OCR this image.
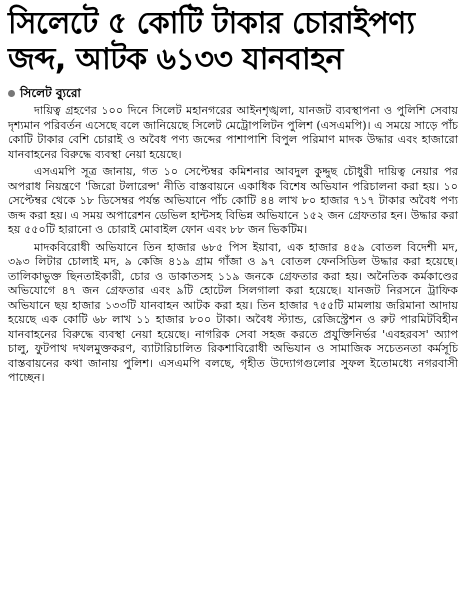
সিলেটে ৫ কোটি টাকার চোরাইপণ্য
জব্দ, আটক ৬১৩৩ যানবাহন
সিলেট ব্যুরো

দায়িত্ব গ্রহণের ১০০ দিনে সিলেট মহানগরের আইনশৃঙ্খলা, যানজট ব্যবস্থাপনা ও পুলিশি সেবায় দৃশ্যমান পরিবর্তন এসেছে বলে জানিয়েছে সিলেট মেট্রোপলিটন পুলিশ (এসএমপি)। এ সময়ে সাড়ে পাঁচ কোটি টাকার বেশি চোরাই ও অবৈধ পণ্য জব্দের পাশাপাশি বিপুল পরিমাণ মাদক উদ্ধার এবং হাজারো যানবাহনের বিরুদ্ধে ব্যবস্থা নেয়া হয়েছে।

এসএমপি সূত্র জানায়, গত ১০ সেপ্টেম্বর কমিশনার আবদুল কুদ্দুছ চৌধুরী দায়িত্ব নেয়ার পর অপরাধ নিয়ন্ত্রণে 'জিরো টলারেন্স' নীতি বাস্তবায়নে একাধিক বিশেষ অভিযান পরিচালনা করা হয়। ১০ সেপ্টেম্বর থেকে ১৮ ডিসেম্বর পর্যন্ত অভিযানে পাঁচ কোটি ৪৪ লাখ ৮০ হাজার ৭১৭ টাকার অবৈধ পণ্য জব্দ করা হয়। এ সময় অপারেশন ডেভিল হান্টসহ বিভিন্ন অভিযানে ১৫২ জন গ্রেফতার হন। উদ্ধার করা হয় ৫৫০টি হারানো ও চোরাই মোবাইল ফোন এবং ৮৮ জন ভিকটিম।

মাদকবিরোধী অভিযানে তিন হাজার ৬৮৫ পিস ইয়াবা, এক হাজার ৪৫৯ বোতল বিদেশী মদ, ৩৯৩ লিটার চোলাই মদ, ৯ কেজি ৪১৯ গ্রাম গাঁজা ও ৯৭ বোতল ফেনসিডিল উদ্ধার করা হয়েছে। তালিকাভুক্ত ছিনতাইকারী, চোর ও ডাকাতসহ ১১৯ জনকে গ্রেফতার করা হয়। অনৈতিক কর্মকাণ্ডের অভিযোগে ৪৭ জন গ্রেফতার এবং ৯টি হোটেল সিলগালা করা হয়েছে। যানজট নিরসনে ট্রাফিক অভিযানে ছয় হাজার ১৩৩টি যানবাহন আটক করা হয়। তিন হাজার ৭৫৫টি মামলায় জরিমানা আদায় হয়েছে এক কোটি ৬৮ লাখ ১১ হাজার ৮০০ টাকা। অবৈধ স্ট্যান্ড, রেজিস্ট্রেশন ও রুট পারমিটবিহীন যানবাহনের বিরুদ্ধে ব্যবস্থা নেয়া হয়েছে। নাগরিক সেবা সহজ করতে প্রযুক্তিনির্ভর 'এবহরবস' অ্যাপ চালু, ফুটপাথ দখলমুক্তকরণ, ব্যাটারিচালিত রিকশাবিরোধী অভিযান ও সামাজিক সচেতনতা কর্মসূচি বাস্তবায়নের কথা জানায় পুলিশ। এসএমপি বলছে, গৃহীত উদ্যোগগুলোর সুফল ইতোমধ্যে নগরবাসী পাচ্ছেন।
